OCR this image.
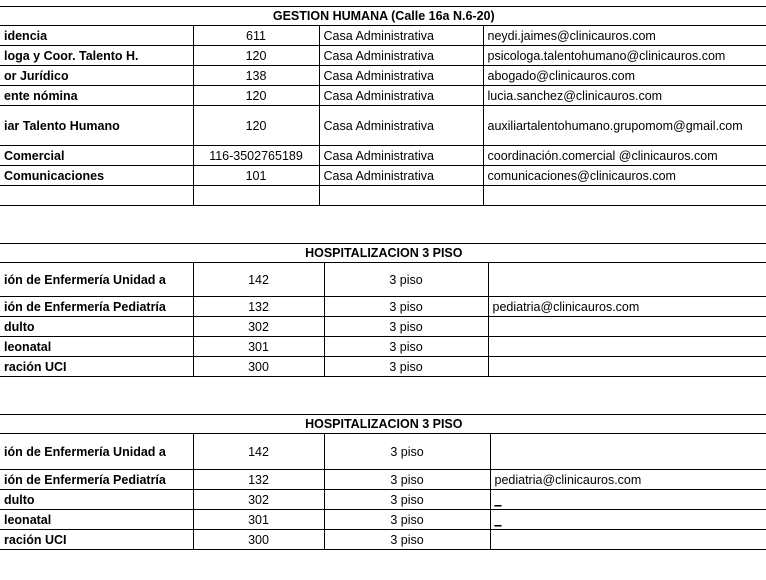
GESTION HUMANA (Calle 16a N.6-20)			
idencia	611	Casa Administrativa	neydi.jaimes@clinicauros.com
loga y Coor. Talento H.	120	Casa Administrativa	psicologa.talentohumano@clinicauros.com
or Jurídico	138	Casa Administrativa	abogado@clinicauros.com
ente nómina	120	Casa Administrativa	lucia.sanchez@clinicauros.com
iar Talento Humano	120	Casa Administrativa	auxiliartalentohumano.grupomom@gmail.com
Comercial	116-3502765189	Casa Administrativa	coordinación.comercial @clinicauros.com
Comunicaciones	101	Casa Administrativa	comunicaciones@clinicauros.com

HOSPITALIZACION 3 PISO			
ión de Enfermería Unidad a	142	3 piso	
ión de Enfermería Pediatría	132	3 piso	pediatria@clinicauros.com
dulto	302	3 piso	
leonatal	301	3 piso	
ración UCI	300	3 piso	
HOSPITALIZACION 3 PISO			
ión de Enfermería Unidad a	142	3 piso	
ión de Enfermería Pediatría	132	3 piso	pediatria@clinicauros.com
dulto	302	3 piso	_
leonatal	301	3 piso	_
ración UCI	300	3 piso	
